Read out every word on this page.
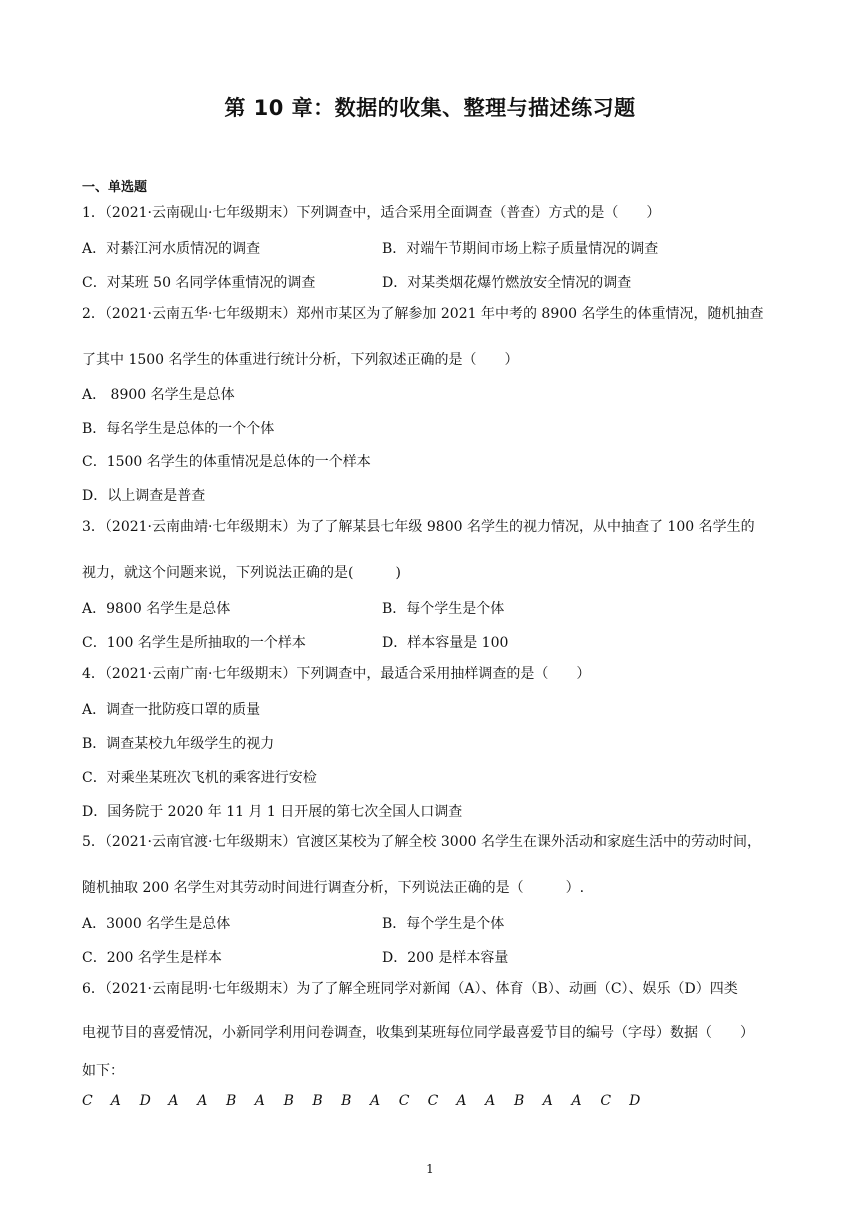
第 10 章：数据的收集、整理与描述练习题
一、单选题
1．（2021·云南砚山·七年级期末）下列调查中，适合采用全面调查（普查）方式的是（　　）
A．对綦江河水质情况的调查	B．对端午节期间市场上粽子质量情况的调查
C．对某班 50 名同学体重情况的调查	D．对某类烟花爆竹燃放安全情况的调查
2．（2021·云南五华·七年级期末）郑州市某区为了解参加 2021 年中考的 8900 名学生的体重情况，随机抽查
了其中 1500 名学生的体重进行统计分析，下列叙述正确的是（　　）
A． 8900 名学生是总体
B．每名学生是总体的一个个体
C．1500 名学生的体重情况是总体的一个样本
D．以上调查是普查
3．（2021·云南曲靖·七年级期末）为了了解某县七年级 9800 名学生的视力情况，从中抽查了 100 名学生的
视力，就这个问题来说，下列说法正确的是(　　　)
A．9800 名学生是总体	B．每个学生是个体
C．100 名学生是所抽取的一个样本	D．样本容量是 100
4．（2021·云南广南·七年级期末）下列调查中，最适合采用抽样调查的是（　　）
A．调查一批防疫口罩的质量
B．调查某校九年级学生的视力
C．对乘坐某班次飞机的乘客进行安检
D．国务院于 2020 年 11 月 1 日开展的第七次全国人口调查
5．（2021·云南官渡·七年级期末）官渡区某校为了解全校 3000 名学生在课外活动和家庭生活中的劳动时间，
随机抽取 200 名学生对其劳动时间进行调查分析，下列说法正确的是（　　　）.
A．3000 名学生是总体	B．每个学生是个体
C．200 名学生是样本	D．200 是样本容量
6．（2021·云南昆明·七年级期末）为了了解全班同学对新闻（A）、体育（B）、动画（C）、娱乐（D）四类
电视节目的喜爱情况，小新同学利用问卷调查，收集到某班每位同学最喜爱节目的编号（字母）数据（　　）
如下：
C A D A A B A B B B A C C A A B A A C D
1
